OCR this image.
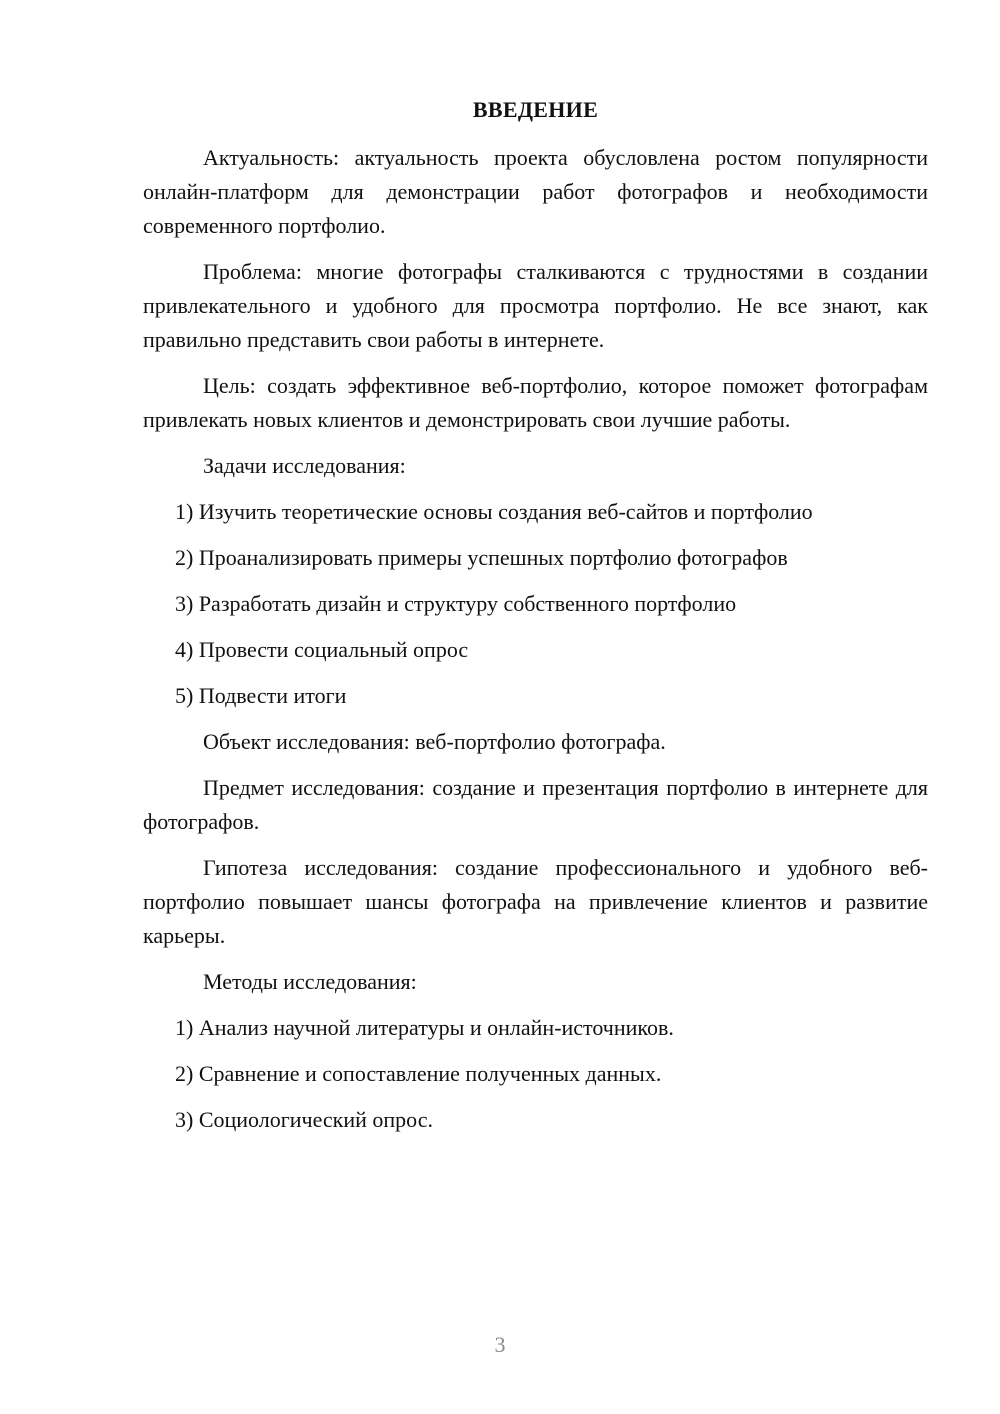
ВВЕДЕНИЕ

Актуальность: актуальность проекта обусловлена ростом популярности онлайн-платформ для демонстрации работ фотографов и необходимости современного портфолио.

Проблема: многие фотографы сталкиваются с трудностями в создании привлекательного и удобного для просмотра портфолио. Не все знают, как правильно представить свои работы в интернете.

Цель: создать эффективное веб-портфолио, которое поможет фотографам привлекать новых клиентов и демонстрировать свои лучшие работы.

Задачи исследования:

1) Изучить теоретические основы создания веб-сайтов и портфолио
2) Проанализировать примеры успешных портфолио фотографов
3) Разработать дизайн и структуру собственного портфолио
4) Провести социальный опрос
5) Подвести итоги

Объект исследования: веб-портфолио фотографа.

Предмет исследования: создание и презентация портфолио в интернете для фотографов.

Гипотеза исследования: создание профессионального и удобного веб-портфолио повышает шансы фотографа на привлечение клиентов и развитие карьеры.

Методы исследования:

1) Анализ научной литературы и онлайн-источников.
2) Сравнение и сопоставление полученных данных.
3) Социологический опрос.
3
